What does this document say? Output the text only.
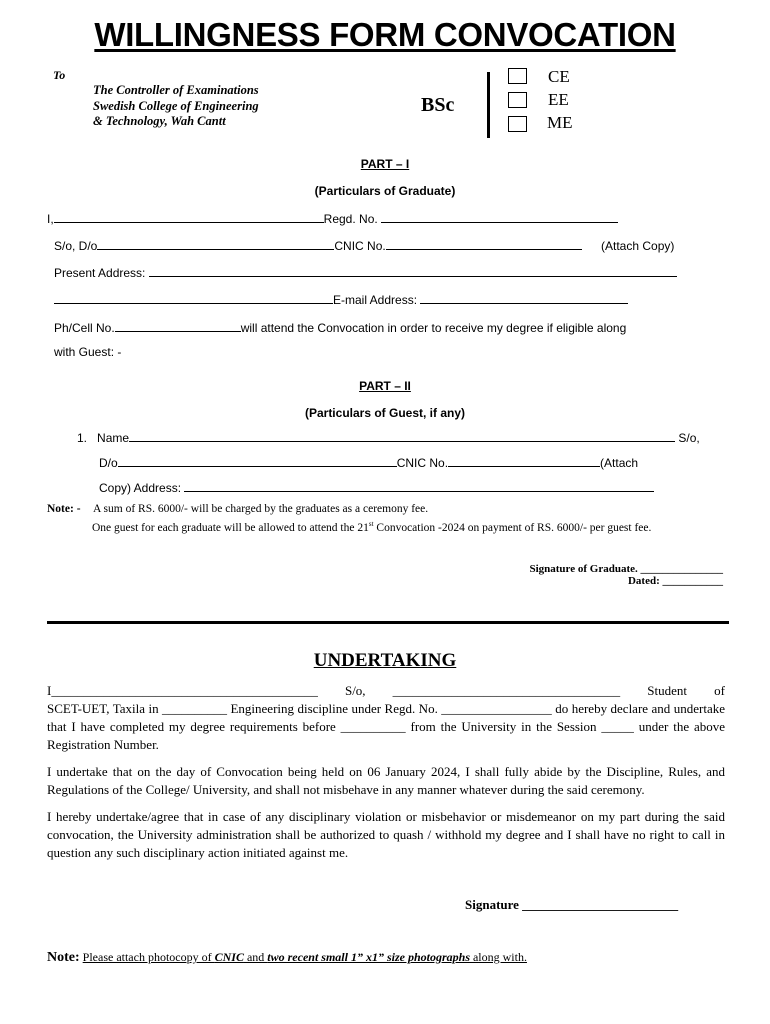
WILLINGNESS FORM CONVOCATION
To
The Controller of Examinations Swedish College of Engineering & Technology, Wah Cantt
BSc
CE
EE
ME
PART – I
(Particulars of Graduate)
I,	Regd. No.
S/o, D/o	CNIC No.	(Attach Copy)
Present Address:
E-mail Address:
Ph/Cell No.	will attend the Convocation in order to receive my degree if eligible along
with Guest: -
PART – II
(Particulars of Guest, if any)
1. Name	S/o,
D/o	CNIC No.	(Attach
Copy) Address:
Note: - A sum of RS. 6000/- will be charged by the graduates as a ceremony fee.
One guest for each graduate will be allowed to attend the 21st Convocation -2024 on payment of RS. 6000/- per guest fee.
Signature of Graduate. _______________
Dated: ___________
UNDERTAKING
I_________________________________________ S/o, ___________________________________ Student of
SCET-UET, Taxila in __________ Engineering discipline under Regd. No. _________________ do hereby declare and undertake that I have completed my degree requirements before __________ from the University in the Session _____ under the above Registration Number.
I undertake that on the day of Convocation being held on 06 January 2024, I shall fully abide by the Discipline, Rules, and Regulations of the College/ University, and shall not misbehave in any manner whatever during the said ceremony.
I hereby undertake/agree that in case of any disciplinary violation or misbehavior or misdemeanor on my part during the said convocation, the University administration shall be authorized to quash / withhold my degree and I shall have no right to call in question any such disciplinary action initiated against me.
Signature ________________________
Note: Please attach photocopy of CNIC and two recent small 1” x1” size photographs along with.
